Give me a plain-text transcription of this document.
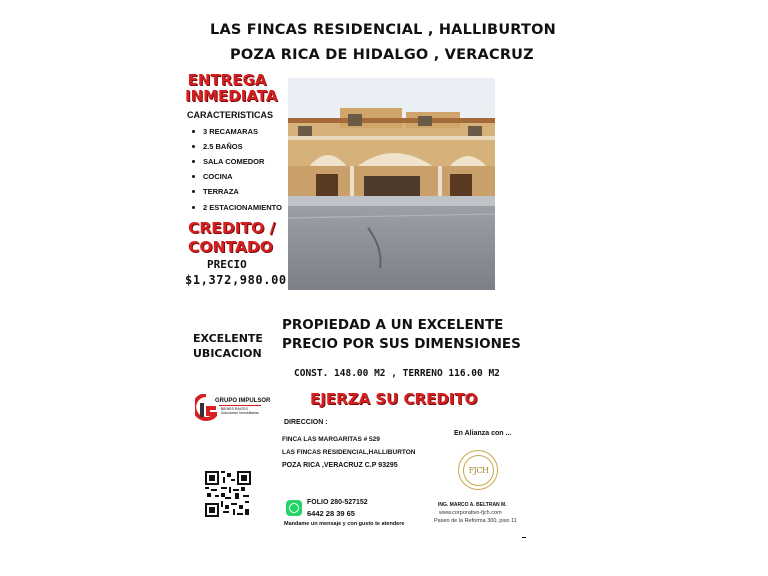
LAS FINCAS RESIDENCIAL , HALLIBURTON
POZA RICA DE HIDALGO , VERACRUZ
ENTREGA
INMEDIATA
CARACTERISTICAS
3 RECAMARAS
2.5 BAÑOS
SALA COMEDOR
COCINA
TERRAZA
2 ESTACIONAMIENTO
CREDITO /
CONTADO
PRECIO
$1,372,980.00
PROPIEDAD A UN EXCELENTE
PRECIO POR SUS DIMENSIONES
EXCELENTE
UBICACION
CONST. 148.00 M2 , TERRENO 116.00 M2
EJERZA SU CREDITO
GRUPO IMPULSOR
BIENES RAICES
Soluciones Inmobiliarias
DIRECCION :
FINCA LAS MARGARITAS # 529
LAS FINCAS RESIDENCIAL,HALLIBURTON
POZA RICA ,VERACRUZ C.P 93295
En Alianza con ...
FJCH
ING. MARCO A. BELTRAN M.
www.corporativo-fjch.com
Paseo de la Reforma 300, piso 11
FOLIO 280-527152
6442 28 39 65
Mandame un mensaje y con gusto te atendere
